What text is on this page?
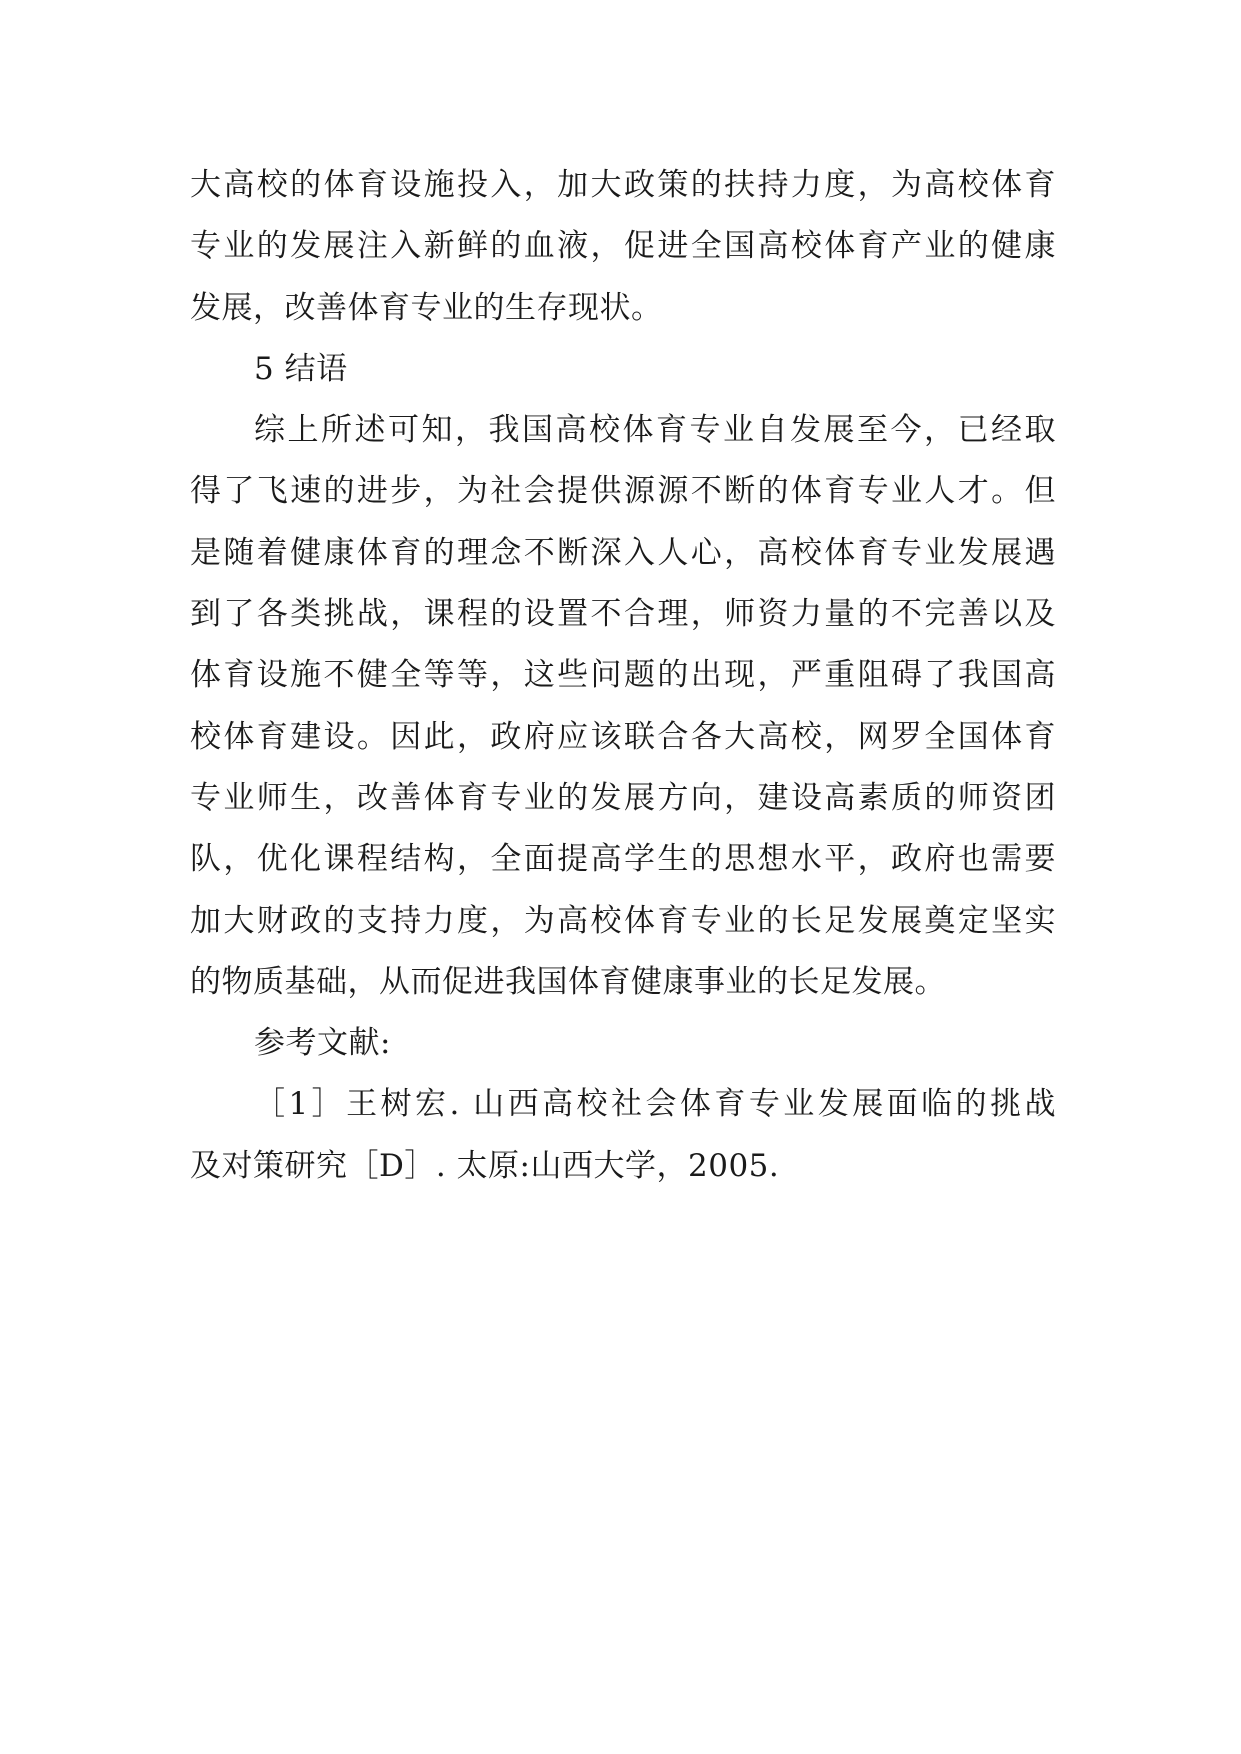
大高校的体育设施投入，加大政策的扶持力度，为高校体育
专业的发展注入新鲜的血液，促进全国高校体育产业的健康
发展，改善体育专业的生存现状。
5 结语
综上所述可知，我国高校体育专业自发展至今，已经取
得了飞速的进步，为社会提供源源不断的体育专业人才。但
是随着健康体育的理念不断深入人心，高校体育专业发展遇
到了各类挑战，课程的设置不合理，师资力量的不完善以及
体育设施不健全等等，这些问题的出现，严重阻碍了我国高
校体育建设。因此，政府应该联合各大高校，网罗全国体育
专业师生，改善体育专业的发展方向，建设高素质的师资团
队，优化课程结构，全面提高学生的思想水平，政府也需要
加大财政的支持力度，为高校体育专业的长足发展奠定坚实
的物质基础，从而促进我国体育健康事业的长足发展。
参考文献:
［1］王树宏. 山西高校社会体育专业发展面临的挑战
及对策研究［D］. 太原:山西大学，2005.
